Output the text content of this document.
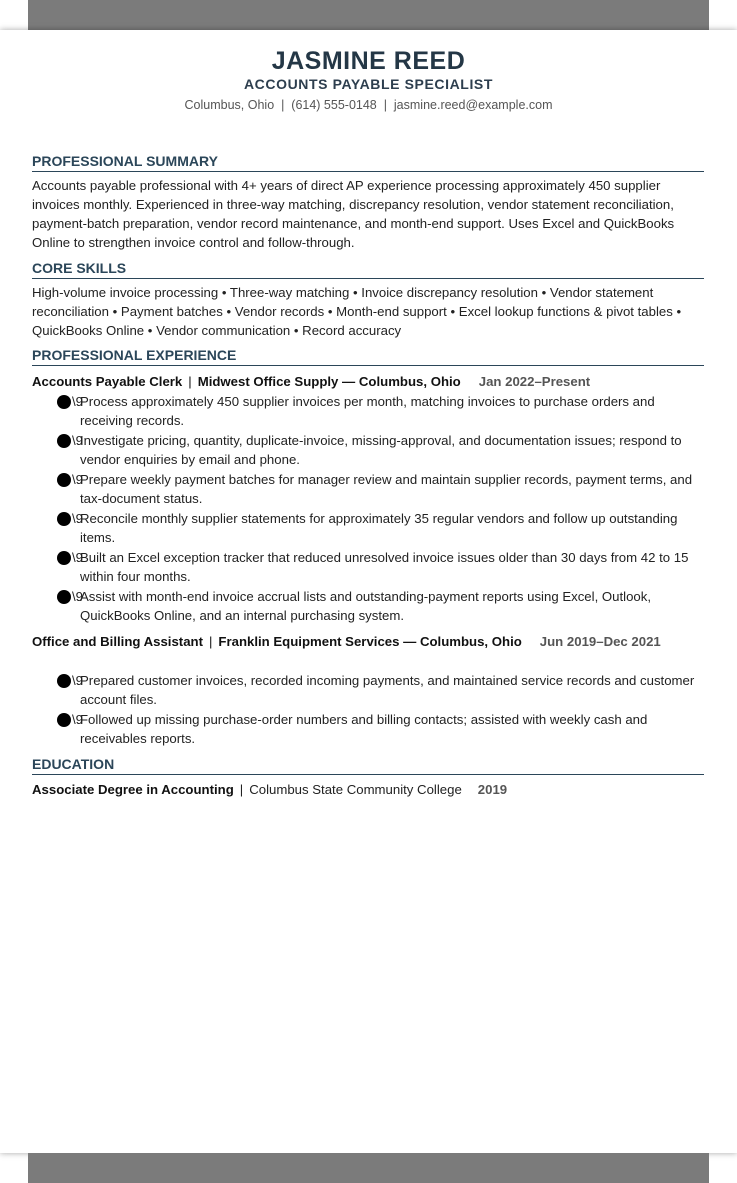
JASMINE REED
ACCOUNTS PAYABLE SPECIALIST
Columbus, Ohio  |  (614) 555-0148  |  jasmine.reed@example.com
PROFESSIONAL SUMMARY
Accounts payable professional with 4+ years of direct AP experience processing approximately 450 supplier invoices monthly. Experienced in three-way matching, discrepancy resolution, vendor statement reconciliation, payment-batch preparation, vendor record maintenance, and month-end support. Uses Excel and QuickBooks Online to strengthen invoice control and follow-through.
CORE SKILLS
High-volume invoice processing • Three-way matching • Invoice discrepancy resolution • Vendor statement reconciliation • Payment batches • Vendor records • Month-end support • Excel lookup functions & pivot tables • QuickBooks Online • Vendor communication • Record accuracy
PROFESSIONAL EXPERIENCE
Accounts Payable Clerk | Midwest Office Supply — Columbus, Ohio Jan 2022–Present
\9
Process approximately 450 supplier invoices per month, matching invoices to purchase orders and receiving records.
\9
Investigate pricing, quantity, duplicate-invoice, missing-approval, and documentation issues; respond to vendor enquiries by email and phone.
\9
Prepare weekly payment batches for manager review and maintain supplier records, payment terms, and tax-document status.
\9
Reconcile monthly supplier statements for approximately 35 regular vendors and follow up outstanding items.
\9
Built an Excel exception tracker that reduced unresolved invoice issues older than 30 days from 42 to 15 within four months.
\9
Assist with month-end invoice accrual lists and outstanding-payment reports using Excel, Outlook, QuickBooks Online, and an internal purchasing system.
Office and Billing Assistant | Franklin Equipment Services — Columbus, Ohio Jun 2019–Dec 2021
\9
Prepared customer invoices, recorded incoming payments, and maintained service records and customer account files.
\9
Followed up missing purchase-order numbers and billing contacts; assisted with weekly cash and receivables reports.
EDUCATION
Associate Degree in Accounting | Columbus State Community College 2019
